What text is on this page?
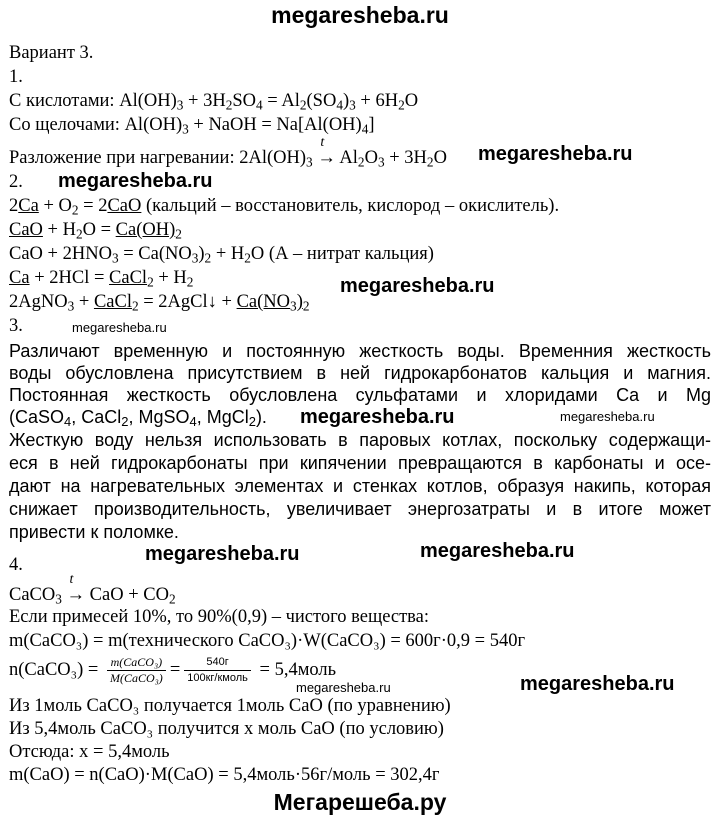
megaresheba.ru
Вариант 3.
1.
С кислотами: $Al(OH)_3 + 3H_2SO_4 = Al_2(SO_4)_3 + 6H_2O$
Со щелочами: $Al(OH)_3$ + NaOH = $Na[Al(OH)_4]$
Разложение при нагревании: $2Al(OH)_3$
t
→ $Al_2O_3 + 3H_2O$
2.
$2Ca + O_2 = 2CaO$ (кальций – восстановитель, кислород – окислитель).
CaO + $H_2O = Ca(OH)_2$
CaO + $2HNO_3 = Ca(NO_3)_2 + H_2O$ (А – нитрат кальция)
Ca + 2HCl = CaCl$_2$ + $H_2$
2AgNO$_3$ + CaCl$_2$ = 2AgCl↓ + $Ca(NO_3)_2$
3.
Различают временную и постоянную жесткость воды. Временния жесткость
воды обусловлена присутствием в ней гидрокарбонатов кальция и магния.
Постоянная жесткость обусловлена сульфатами и хлоридами Ca и Mg
(CaSO$_4$, CaCl$_2$, MgSO$_4$, MgCl$_2$).
Жесткую воду нельзя использовать в паровых котлах, поскольку содержащи-
еся в ней гидрокарбонаты при кипячении превращаются в карбонаты и осе-
дают на нагревательных элементах и стенках котлов, образуя накипь, которая
снижает производительность, увеличивает энергозатраты и в итоге может
привести к поломке.
4.
CaCO$_3$
t
→ CaO + $CO_2$
Если примесей 10%, то 90%(0,9) – чистого вещества:
m(CaCO₃) = m(технического CaCO₃)·W(CaCO₃) = 600г·0,9 = 540г
n(CaCO₃) = $\frac{\text{m(CaCO₃)}}{\text{M(CaCO₃)}} = \frac{540г}{\text{100кг/кмоль}}$ = 5,4моль
Из 1моль CaCO₃ получается 1моль CaO (по уравнению)
Из 5,4моль CaCO₃ получится x моль CaO (по условию)
Отсюда: x = 5,4моль
m(CaO) = n(CaO)·M(CaO) = 5,4моль·56г/моль = 302,4г
megaresheba.ru
megaresheba.ru
megaresheba.ru
megaresheba.ru
megaresheba.ru	megaresheba.ru
megaresheba.ru	megaresheba.ru
megaresheba.ru	megaresheba.ru
Мегарешеба.ру
